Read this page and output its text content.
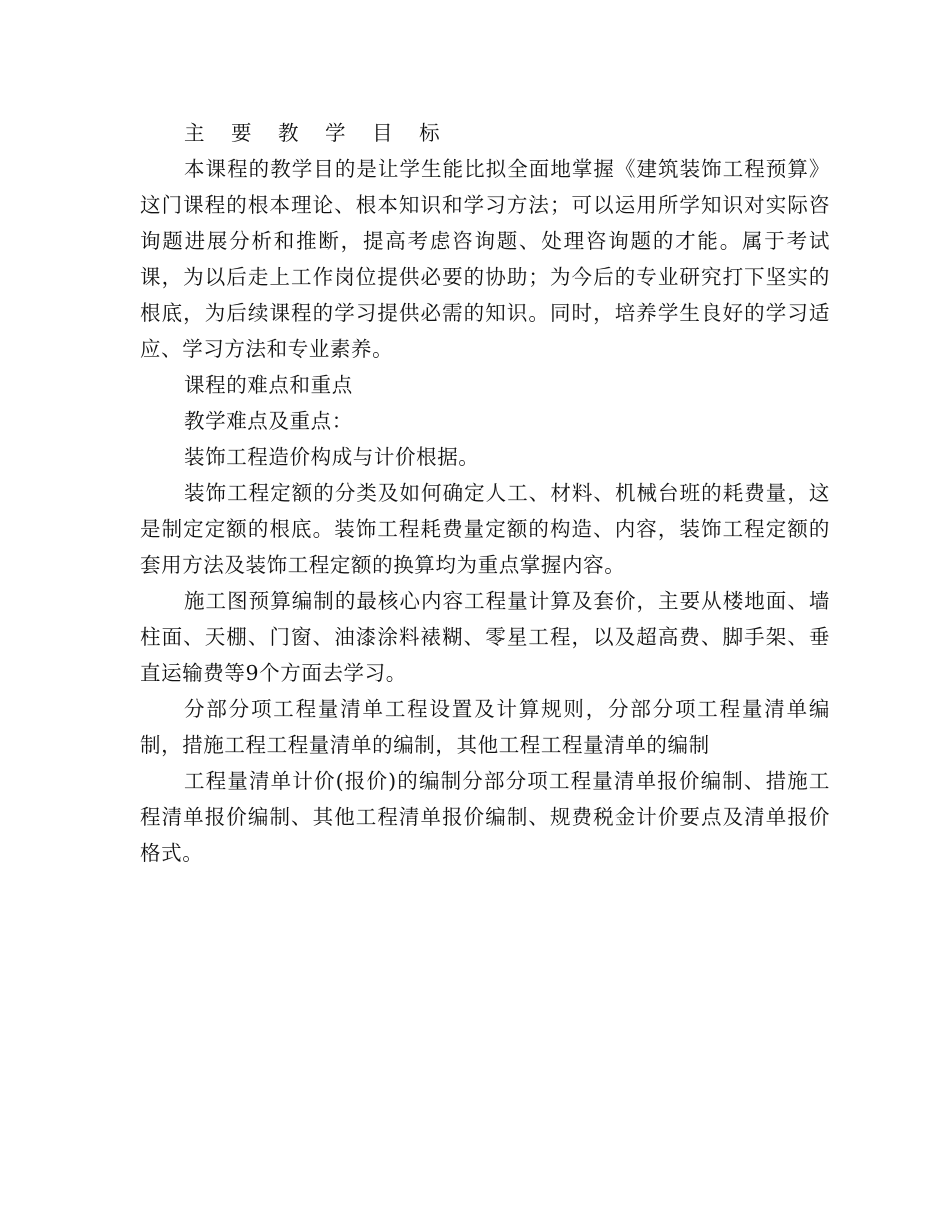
主 要 教 学 目 标

本课程的教学目的是让学生能比拟全面地掌握《建筑装饰工程预算》这门课程的根本理论、根本知识和学习方法；可以运用所学知识对实际咨询题进展分析和推断，提高考虑咨询题、处理咨询题的才能。属于考试课，为以后走上工作岗位提供必要的协助；为今后的专业研究打下坚实的根底，为后续课程的学习提供必需的知识。同时，培养学生良好的学习适应、学习方法和专业素养。

课程的难点和重点

教学难点及重点：

装饰工程造价构成与计价根据。

装饰工程定额的分类及如何确定人工、材料、机械台班的耗费量，这是制定定额的根底。装饰工程耗费量定额的构造、内容，装饰工程定额的套用方法及装饰工程定额的换算均为重点掌握内容。

施工图预算编制的最核心内容工程量计算及套价，主要从楼地面、墙柱面、天棚、门窗、油漆涂料裱糊、零星工程，以及超高费、脚手架、垂直运输费等9个方面去学习。

分部分项工程量清单工程设置及计算规则，分部分项工程量清单编制，措施工程工程量清单的编制，其他工程工程量清单的编制

工程量清单计价(报价)的编制分部分项工程量清单报价编制、措施工程清单报价编制、其他工程清单报价编制、规费税金计价要点及清单报价格式。
